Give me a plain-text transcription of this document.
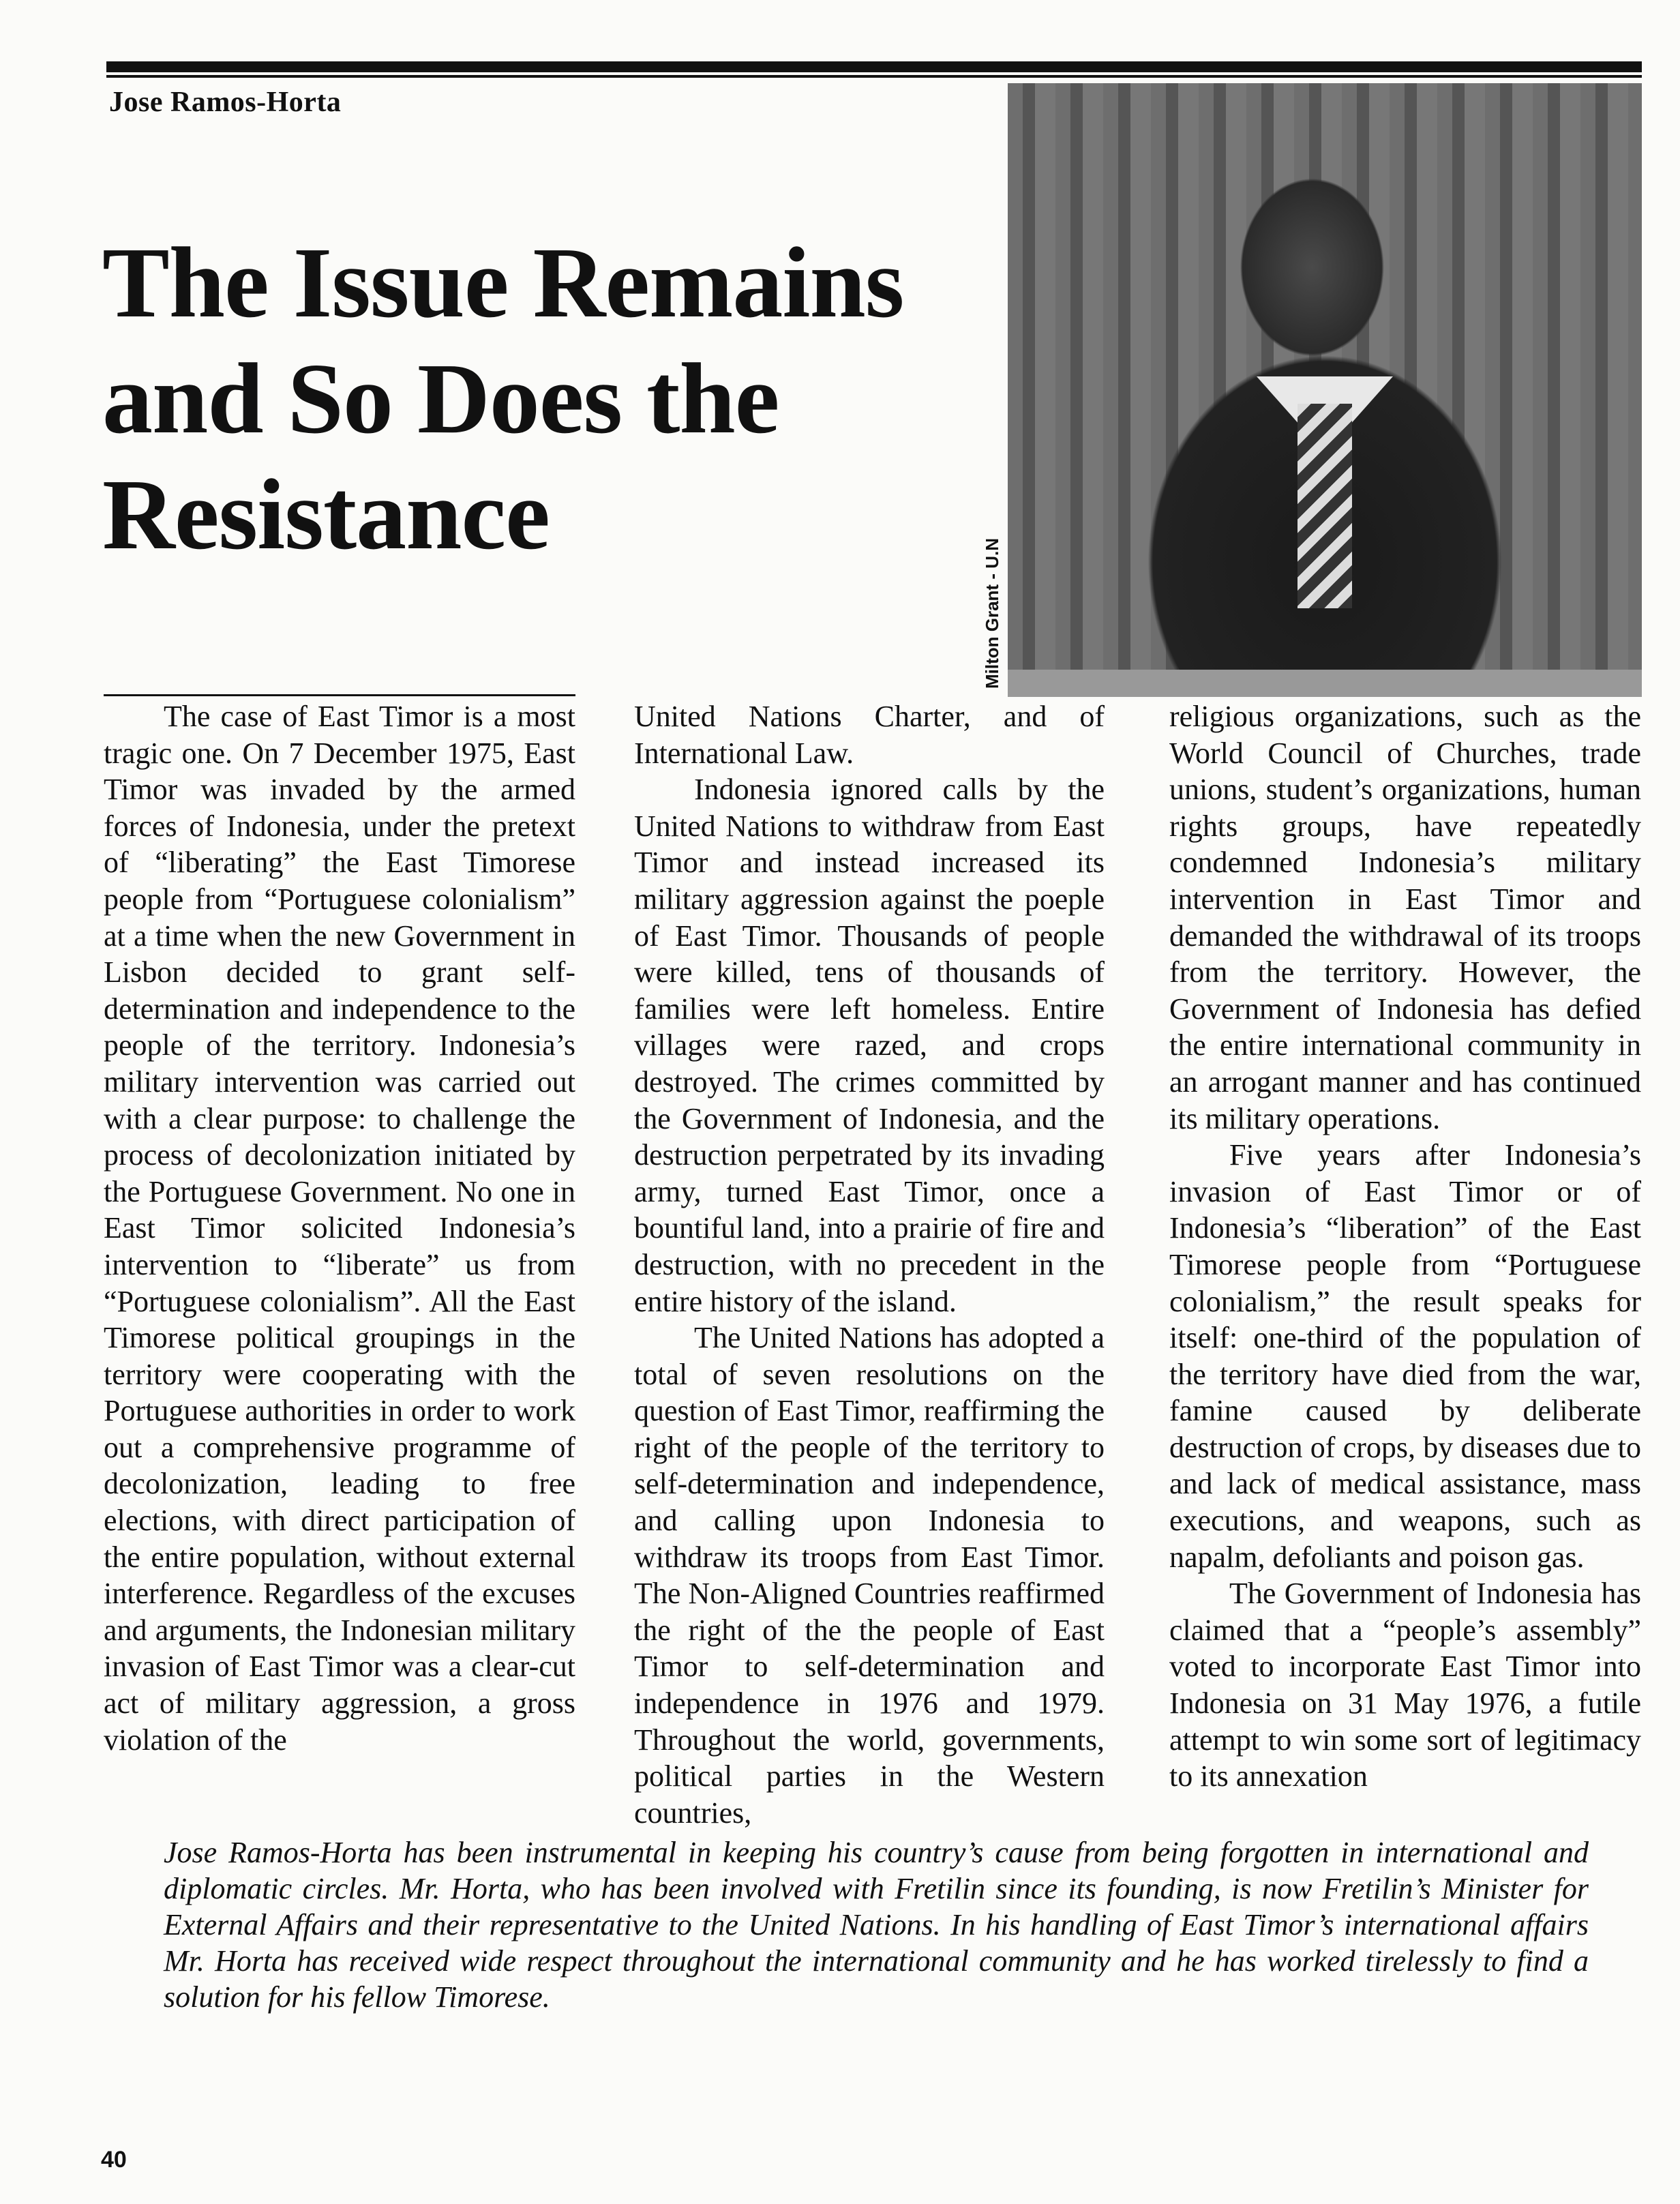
Jose Ramos-Horta
The Issue Remains and So Does the Resistance
Milton Grant - U.N

The case of East Timor is a most tragic one. On 7 December 1975, East Timor was invaded by the armed forces of Indonesia, under the pretext of “liberating” the East Timorese people from “Portuguese colonialism” at a time when the new Government in Lisbon decided to grant self-determination and independence to the people of the territory. Indonesia’s military intervention was carried out with a clear purpose: to challenge the process of decolonization initiated by the Portuguese Government. No one in East Timor solicited Indonesia’s intervention to “liberate” us from “Portuguese colonialism”. All the East Timorese political groupings in the territory were cooperating with the Portuguese authorities in order to work out a comprehensive programme of decolonization, leading to free elections, with direct participation of the entire population, without external interference. Regardless of the excuses and arguments, the Indonesian military invasion of East Timor was a clear-cut act of military aggression, a gross violation of the

United Nations Charter, and of International Law.

Indonesia ignored calls by the United Nations to withdraw from East Timor and instead increased its military aggression against the poeple of East Timor. Thousands of people were killed, tens of thousands of families were left homeless. Entire villages were razed, and crops destroyed. The crimes committed by the Government of Indonesia, and the destruction perpetrated by its invading army, turned East Timor, once a bountiful land, into a prairie of fire and destruction, with no precedent in the entire history of the island.

The United Nations has adopted a total of seven resolutions on the question of East Timor, reaffirming the right of the people of the territory to self-determination and independence, and calling upon Indonesia to withdraw its troops from East Timor. The Non-Aligned Countries reaffirmed the right of the the people of East Timor to self-determination and independence in 1976 and 1979. Throughout the world, governments, political parties in the Western countries,

religious organizations, such as the World Council of Churches, trade unions, student’s organizations, human rights groups, have repeatedly condemned Indonesia’s military intervention in East Timor and demanded the withdrawal of its troops from the territory. However, the Government of Indonesia has defied the entire international community in an arrogant manner and has continued its military operations.

Five years after Indonesia’s invasion of East Timor or of Indonesia’s “liberation” of the East Timorese people from “Portuguese colonialism,” the result speaks for itself: one-third of the population of the territory have died from the war, famine caused by deliberate destruction of crops, by diseases due to and lack of medical assistance, mass executions, and weapons, such as napalm, defoliants and poison gas.

The Government of Indonesia has claimed that a “people’s assembly” voted to incorporate East Timor into Indonesia on 31 May 1976, a futile attempt to win some sort of legitimacy to its annexation

Jose Ramos-Horta has been instrumental in keeping his country’s cause from being forgotten in international and diplomatic circles. Mr. Horta, who has been involved with Fretilin since its founding, is now Fretilin’s Minister for External Affairs and their representative to the United Nations. In his handling of East Timor’s international affairs Mr. Horta has received wide respect throughout the international community and he has worked tirelessly to find a solution for his fellow Timorese.

40
